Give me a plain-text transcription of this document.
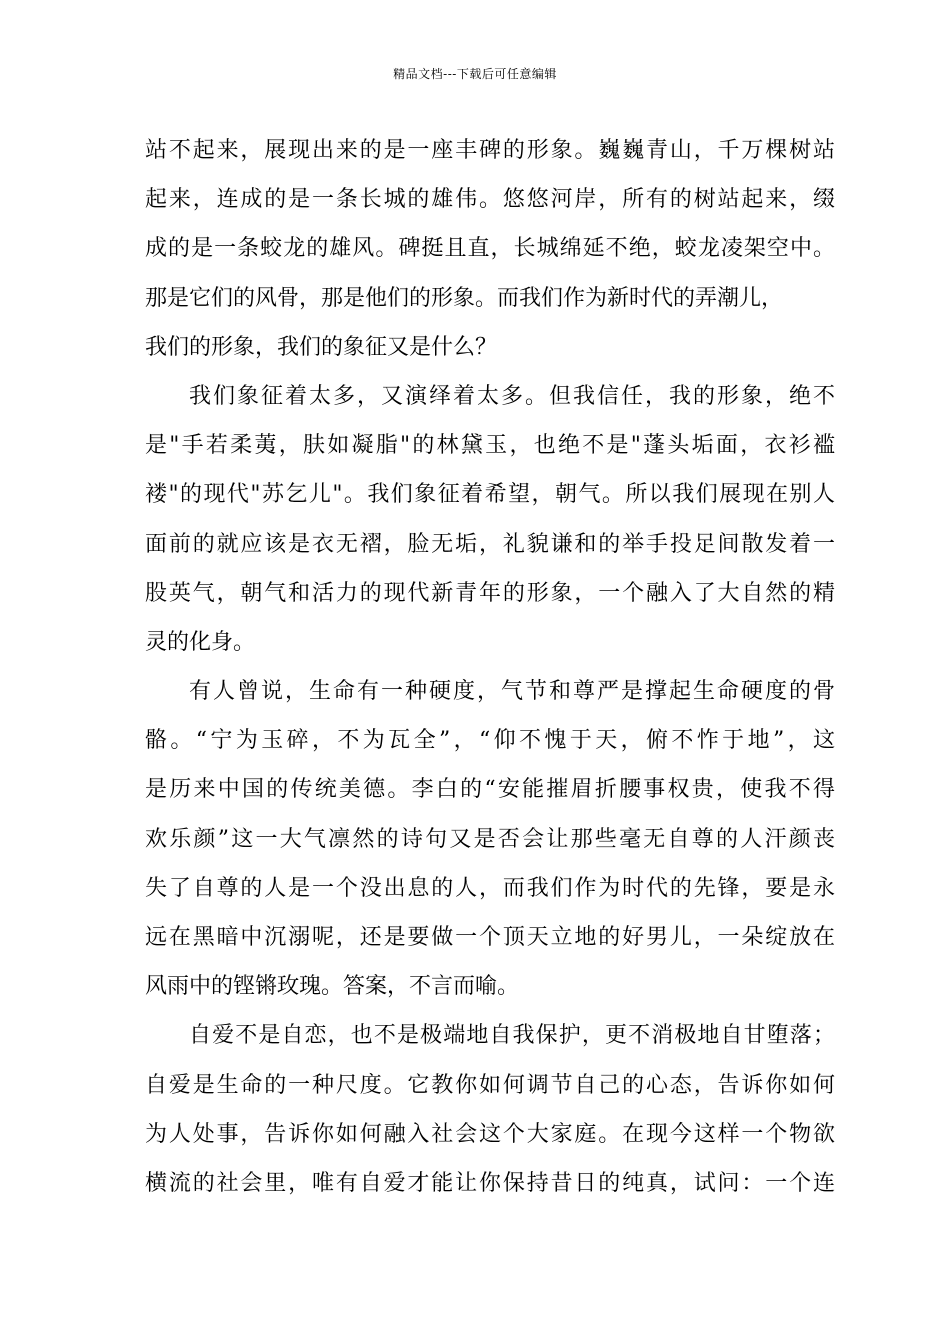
精品文档---下载后可任意编辑
站不起来，展现出来的是一座丰碑的形象。巍巍青山，千万棵树站
起来，连成的是一条长城的雄伟。悠悠河岸，所有的树站起来，缀
成的是一条蛟龙的雄风。碑挺且直，长城绵延不绝，蛟龙凌架空中。
那是它们的风骨，那是他们的形象。而我们作为新时代的弄潮儿，
我们的形象，我们的象征又是什么？
我们象征着太多，又演绎着太多。但我信任，我的形象，绝不
是"手若柔荑，肤如凝脂"的林黛玉，也绝不是"蓬头垢面，衣衫褴
褛"的现代"苏乞儿"。我们象征着希望，朝气。所以我们展现在别人
面前的就应该是衣无褶，脸无垢，礼貌谦和的举手投足间散发着一
股英气，朝气和活力的现代新青年的形象，一个融入了大自然的精
灵的化身。
有人曾说，生命有一种硬度，气节和尊严是撑起生命硬度的骨
骼。“宁为玉碎，不为瓦全”，“仰不愧于天，俯不怍于地”，这
是历来中国的传统美德。李白的“安能摧眉折腰事权贵，使我不得
欢乐颜”这一大气凛然的诗句又是否会让那些毫无自尊的人汗颜丧
失了自尊的人是一个没出息的人，而我们作为时代的先锋，要是永
远在黑暗中沉溺呢，还是要做一个顶天立地的好男儿，一朵绽放在
风雨中的铿锵玫瑰。答案，不言而喻。
自爱不是自恋，也不是极端地自我保护，更不消极地自甘堕落；
自爱是生命的一种尺度。它教你如何调节自己的心态，告诉你如何
为人处事，告诉你如何融入社会这个大家庭。在现今这样一个物欲
横流的社会里，唯有自爱才能让你保持昔日的纯真，试问：一个连
